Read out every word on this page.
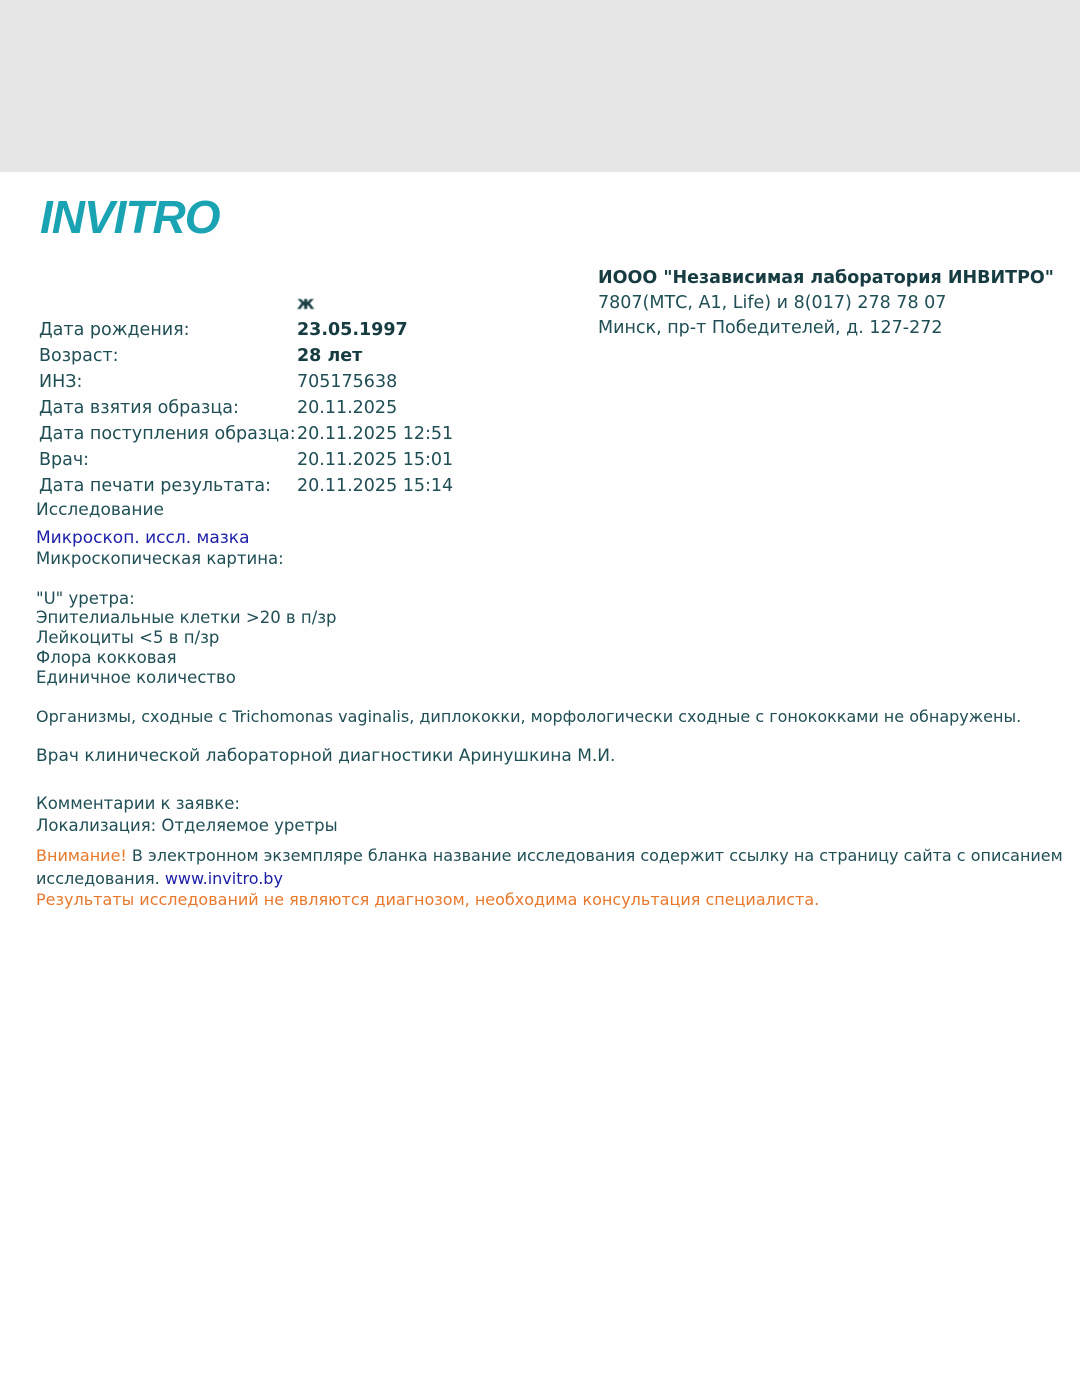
INVITRO
ИООО "Независимая лаборатория ИНВИТРО"
7807(МТС, A1, Life) и 8(017) 278 78 07
Минск, пр-т Победителей, д. 127-272
ж
Дата рождения:	23.05.1997
Возраст:	28 лет
ИНЗ:	705175638
Дата взятия образца:	20.11.2025
Дата поступления образца: 20.11.2025 12:51
Врач:	20.11.2025 15:01
Дата печати результата: 20.11.2025 15:14
Исследование
Микроскоп. иссл. мазка
Микроскопическая картина:
"U" уретра:
Эпителиальные клетки >20 в п/зр
Лейкоциты <5 в п/зр
Флора кокковая
Единичное количество
Организмы, сходные с Trichomonas vaginalis, диплококки, морфологически сходные с гонококками не обнаружены.
Врач клинической лабораторной диагностики Аринушкина М.И.
Комментарии к заявке:
Локализация: Отделяемое уретры
Внимание! В электронном экземпляре бланка название исследования содержит ссылку на страницу сайта с описанием
исследования. www.invitro.by
Результаты исследований не являются диагнозом, необходима консультация специалиста.
